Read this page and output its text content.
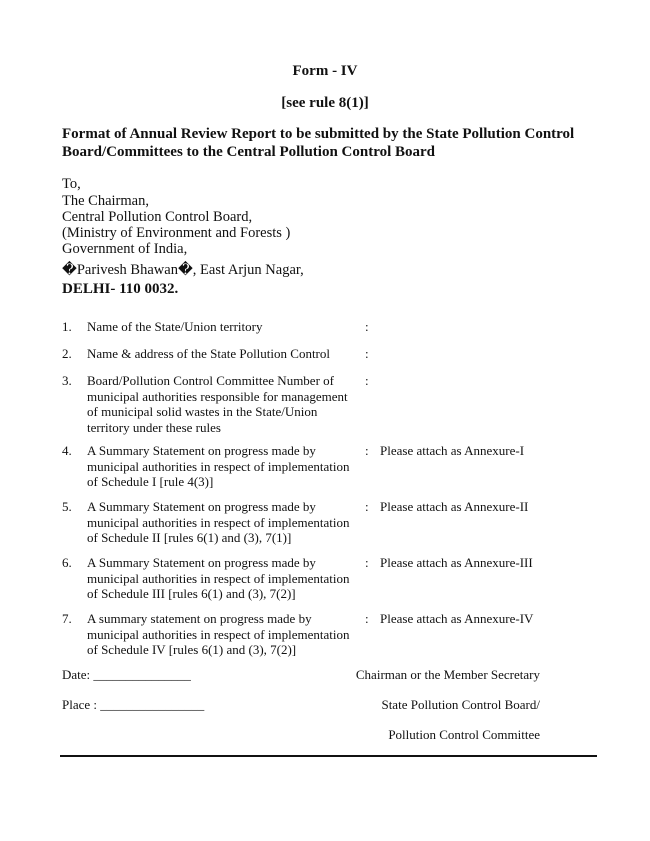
Form - IV
[see rule 8(1)]
Format of Annual Review Report to be submitted by the State Pollution Control Board/Committees to the Central Pollution Control Board
To,
The Chairman,
Central Pollution Control Board,
(Ministry of Environment and Forests )
Government of India,
�Parivesh Bhawan�, East Arjun Nagar,
DELHI- 110 0032.
1. Name of the State/Union territory	:
2. Name & address of the State Pollution Control	:
3. Board/Pollution Control Committee Number of municipal authorities responsible for management of municipal solid wastes in the State/Union territory under these rules
:
4. A Summary Statement on progress made by municipal authorities in respect of implementation of Schedule I [rule 4(3)]
: Please attach as Annexure-I
5. A Summary Statement on progress made by municipal authorities in respect of implementation of Schedule II [rules 6(1) and (3), 7(1)]
: Please attach as Annexure-II
6. A Summary Statement on progress made by municipal authorities in respect of implementation of Schedule III [rules 6(1) and (3), 7(2)]
: Please attach as Annexure-III
7. A summary statement on progress made by municipal authorities in respect of implementation of Schedule IV [rules 6(1) and (3), 7(2)]
: Please attach as Annexure-IV
Date: _______________
Place : ________________
Chairman or the Member Secretary
State Pollution Control Board/
Pollution Control Committee
